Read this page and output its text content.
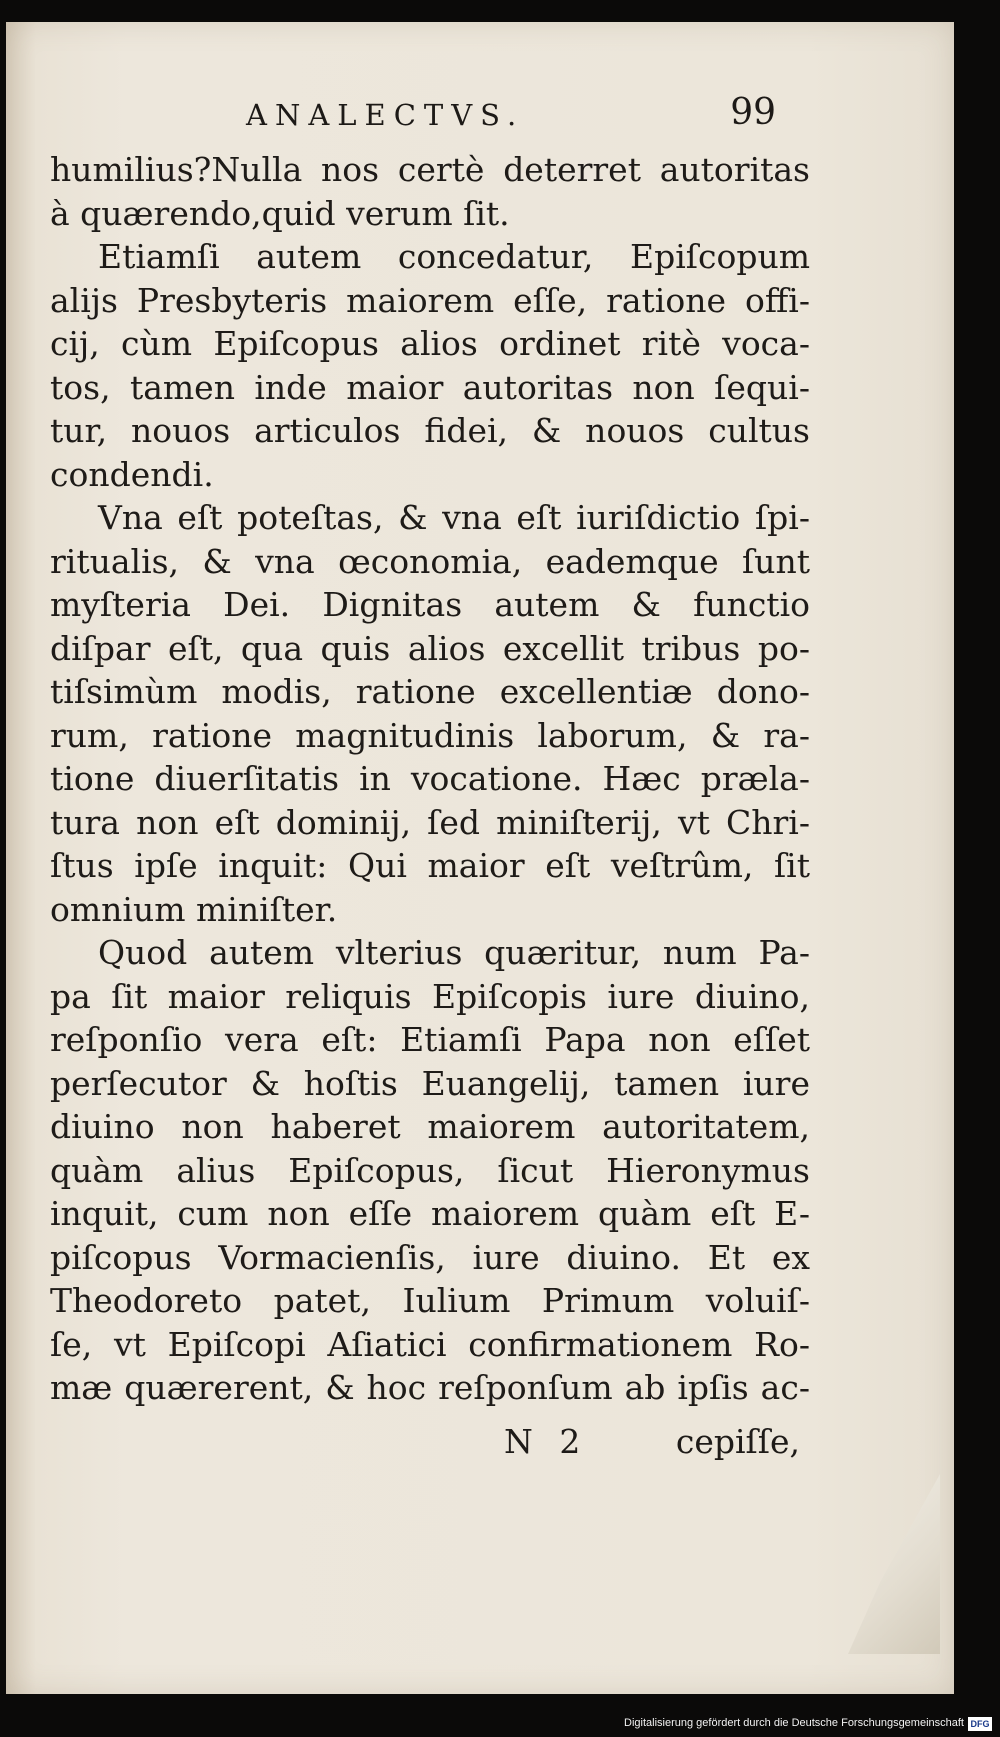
ANALECTVS.	99
humilius?Nulla nos certè deterret autoritas
à quærendo,quid verum ſit.
Etiamſi autem concedatur, Epiſcopum
alijs Presbyteris maiorem eſſe, ratione offi-
cij, cùm Epiſcopus alios ordinet ritè voca-
tos, tamen inde maior autoritas non ſequi-
tur, nouos articulos fidei, & nouos cultus
condendi.
Vna eſt poteſtas, & vna eſt iuriſdictio ſpi-
ritualis, & vna œconomia, eademque ſunt
myſteria Dei. Dignitas autem & functio
diſpar eſt, qua quis alios excellit tribus po-
tiſsimùm modis, ratione excellentiæ dono-
rum, ratione magnitudinis laborum, & ra-
tione diuerſitatis in vocatione. Hæc præla-
tura non eſt dominij, ſed miniſterij, vt Chri-
ſtus ipſe inquit: Qui maior eſt veſtrûm, ſit
omnium miniſter.
Quod autem vlterius quæritur, num Pa-
pa ſit maior reliquis Epiſcopis iure diuino,
reſponſio vera eſt: Etiamſi Papa non eſſet
perſecutor & hoſtis Euangelij, tamen iure
diuino non haberet maiorem autoritatem,
quàm alius Epiſcopus, ſicut Hieronymus
inquit, cum non eſſe maiorem quàm eſt E-
piſcopus Vormacienſis, iure diuino. Et ex
Theodoreto patet, Iulium Primum voluiſ-
ſe, vt Epiſcopi Aſiatici confirmationem Ro-
mæ quærerent, & hoc reſponſum ab ipſis ac-
N 2	cepiſſe,
Digitalisierung gefördert durch die Deutsche Forschungsgemeinschaft DFG
